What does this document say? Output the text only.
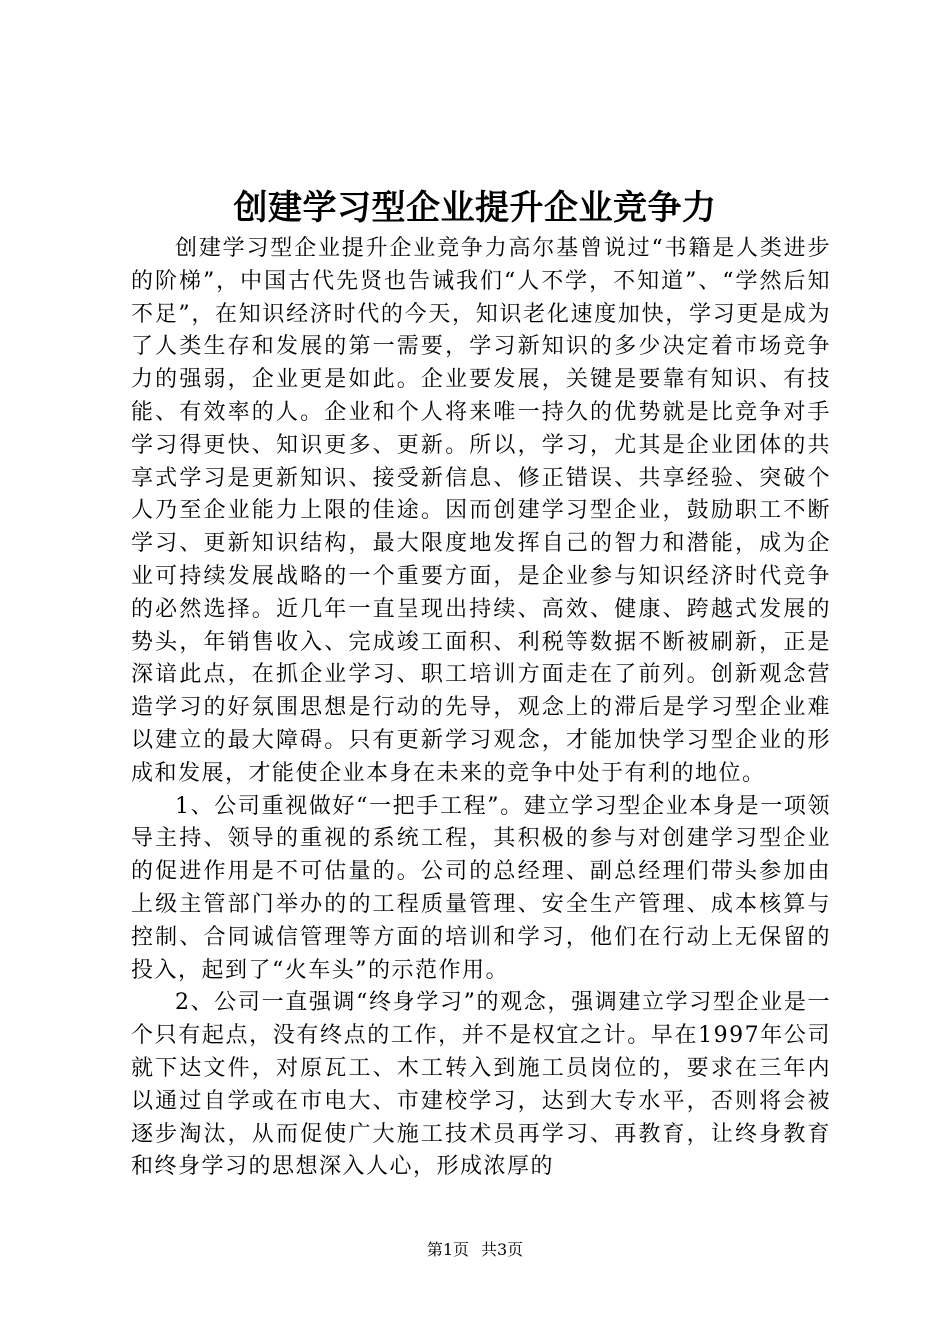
创建学习型企业提升企业竞争力

创建学习型企业提升企业竞争力高尔基曾说过“书籍是人类进步的阶梯”，中国古代先贤也告诫我们“人不学，不知道”、“学然后知不足”，在知识经济时代的今天，知识老化速度加快，学习更是成为了人类生存和发展的第一需要，学习新知识的多少决定着市场竞争力的强弱，企业更是如此。企业要发展，关键是要靠有知识、有技能、有效率的人。企业和个人将来唯一持久的优势就是比竞争对手学习得更快、知识更多、更新。所以，学习，尤其是企业团体的共享式学习是更新知识、接受新信息、修正错误、共享经验、突破个人乃至企业能力上限的佳途。因而创建学习型企业，鼓励职工不断学习、更新知识结构，最大限度地发挥自己的智力和潜能，成为企业可持续发展战略的一个重要方面，是企业参与知识经济时代竞争的必然选择。近几年一直呈现出持续、高效、健康、跨越式发展的势头，年销售收入、完成竣工面积、利税等数据不断被刷新，正是深谙此点，在抓企业学习、职工培训方面走在了前列。创新观念营造学习的好氛围思想是行动的先导，观念上的滞后是学习型企业难以建立的最大障碍。只有更新学习观念，才能加快学习型企业的形成和发展，才能使企业本身在未来的竞争中处于有利的地位。

1、公司重视做好“一把手工程”。建立学习型企业本身是一项领导主持、领导的重视的系统工程，其积极的参与对创建学习型企业的促进作用是不可估量的。公司的总经理、副总经理们带头参加由上级主管部门举办的的工程质量管理、安全生产管理、成本核算与控制、合同诚信管理等方面的培训和学习，他们在行动上无保留的投入，起到了“火车头”的示范作用。

2、公司一直强调“终身学习”的观念，强调建立学习型企业是一个只有起点，没有终点的工作，并不是权宜之计。早在1997年公司就下达文件，对原瓦工、木工转入到施工员岗位的，要求在三年内以通过自学或在市电大、市建校学习，达到大专水平，否则将会被逐步淘汰，从而促使广大施工技术员再学习、再教育，让终身教育和终身学习的思想深入人心，形成浓厚的

第1页 共3页
